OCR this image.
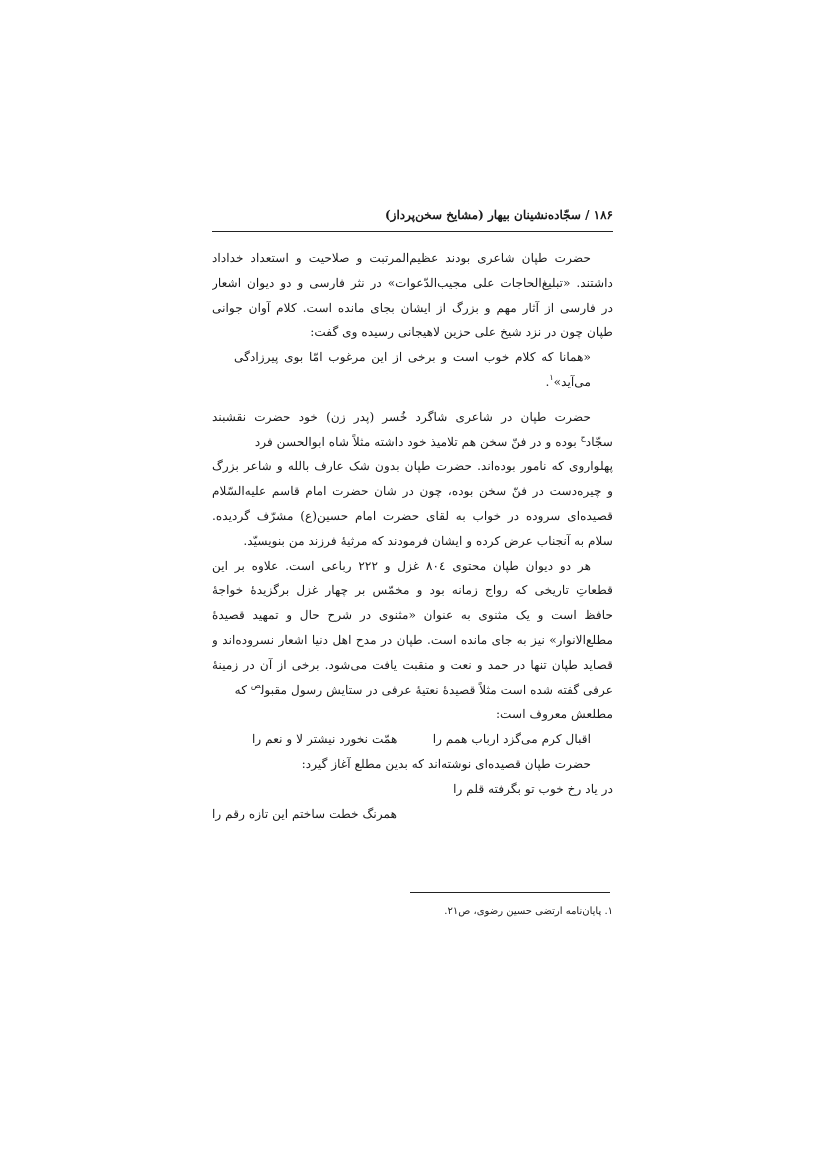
۱۸۶ / سجّاده‌نشینان بیهار (مشایخ سخن‌پرداز)
حضرت طپان شاعری بودند عظیم‌المرتبت و صلاحیت و استعداد خداداد
داشتند. «تبلیغ‌الحاجات علی مجیب‌الدّعوات» در نثر فارسی و دو دیوان اشعار
در فارسی از آثار مهم و بزرگ از ایشان بجای مانده است. کلام آوان جوانی
طپان چون در نزد شیخ علی حزین لاهیجانی رسیده وی گفت:
«همانا که کلام خوب است و برخی از این مرغوب امّا بوی پیرزادگی
می‌آید»$^۱$.
حضرت طپان در شاعری شاگرد خُسر (پدر زن) خود حضرت نقشبند
سجّاد$^ح$ بوده و در فنّ سخن هم تلامیذ خود داشته مثلاً شاه ابوالحسن فرد
پهلواروی که نامور بوده‌اند. حضرت طپان بدون شک عارف بالله و شاعر بزرگ
و چیره‌دست در فنّ سخن بوده، چون در شان حضرت امام قاسم علیه‌السّلام
قصیده‌ای سروده در خواب به لقای حضرت امام حسین(ع) مشرّف گردیده.
سلام به آنجناب عرض کرده و ایشان فرمودند که مرثیهٔ فرزند من بنویسیّد.
هر دو دیوان طپان محتوی ۸۰٤ غزل و ۲۲۲ رباعی است. علاوه بر این
قطعاتِ تاریخی که رواج زمانه بود و مخمّس بر چهار غزل برگزیدهٔ خواجهٔ
حافظ است و یک مثنوی به عنوان «مثنوی در شرح حال و تمهید قصیدهٔ
مطلع‌الانوار» نیز به جای مانده است. طپان در مدح اهل دنیا اشعار نسروده‌اند و
قصاید طپان تنها در حمد و نعت و منقبت یافت می‌شود. برخی از آن در زمینهٔ
عرفی گفته شده است مثلاً قصیدهٔ نعتیهٔ عرفی در ستایش رسول مقبول$^ص$ که
مطلعش معروف است:
اقبال کرم می‌گزد ارباب همم را
همّت نخورد نیشتر لا و نعم را
حضرت طپان قصیده‌ای نوشته‌اند که بدین مطلع آغاز گیرد:
در یاد رخ خوب تو بگرفته قلم را
همرنگ خطت ساختم این تازه رقم را
۱. پایان‌نامه ارتضی حسین رضوی، ص۲۱.
